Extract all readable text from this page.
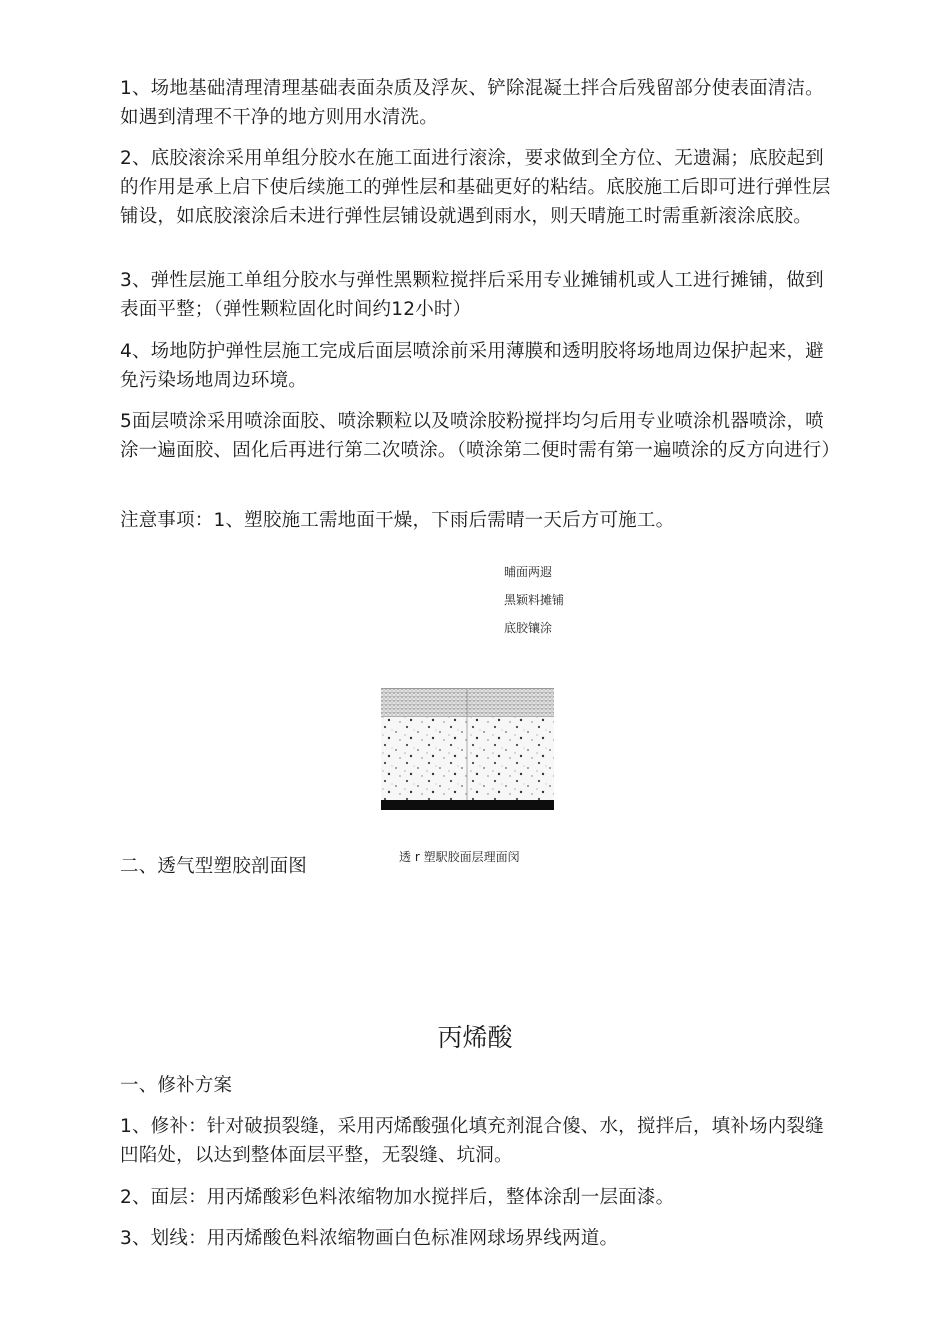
1、场地基础清理清理基础表面杂质及浮灰、铲除混凝土拌合后残留部分使表面清洁。如遇到清理不干净的地方则用水清洗。

2、底胶滚涂采用单组分胶水在施工面进行滚涂，要求做到全方位、无遗漏；底胶起到的作用是承上启下使后续施工的弹性层和基础更好的粘结。底胶施工后即可进行弹性层铺设，如底胶滚涂后未进行弹性层铺设就遇到雨水，则天晴施工时需重新滚涂底胶。

3、弹性层施工单组分胶水与弹性黑颗粒搅拌后采用专业摊铺机或人工进行摊铺，做到表面平整；（弹性颗粒固化时间约12小时）

4、场地防护弹性层施工完成后面层喷涂前采用薄膜和透明胶将场地周边保护起来，避免污染场地周边环境。

5面层喷涂采用喷涂面胶、喷涂颗粒以及喷涂胶粉搅拌均匀后用专业喷涂机器喷涂，喷涂一遍面胶、固化后再进行第二次喷涂。（喷涂第二便时需有第一遍喷涂的反方向进行）

注意事项：1、塑胶施工需地面干燥，下雨后需晴一天后方可施工。

晡面两遐
黑颖料摊铺
底胶镶涂
透 r 塑駅胶面层理面闵
二、透气型塑胶剖面图
丙烯酸
一、修补方案

1、修补：针对破损裂缝，采用丙烯酸强化填充剂混合傻、水，搅拌后，填补场内裂缝凹陷处，以达到整体面层平整，无裂缝、坑洞。

2、面层：用丙烯酸彩色料浓缩物加水搅拌后，整体涂刮一层面漆。

3、划线：用丙烯酸色料浓缩物画白色标准网球场界线两道。
